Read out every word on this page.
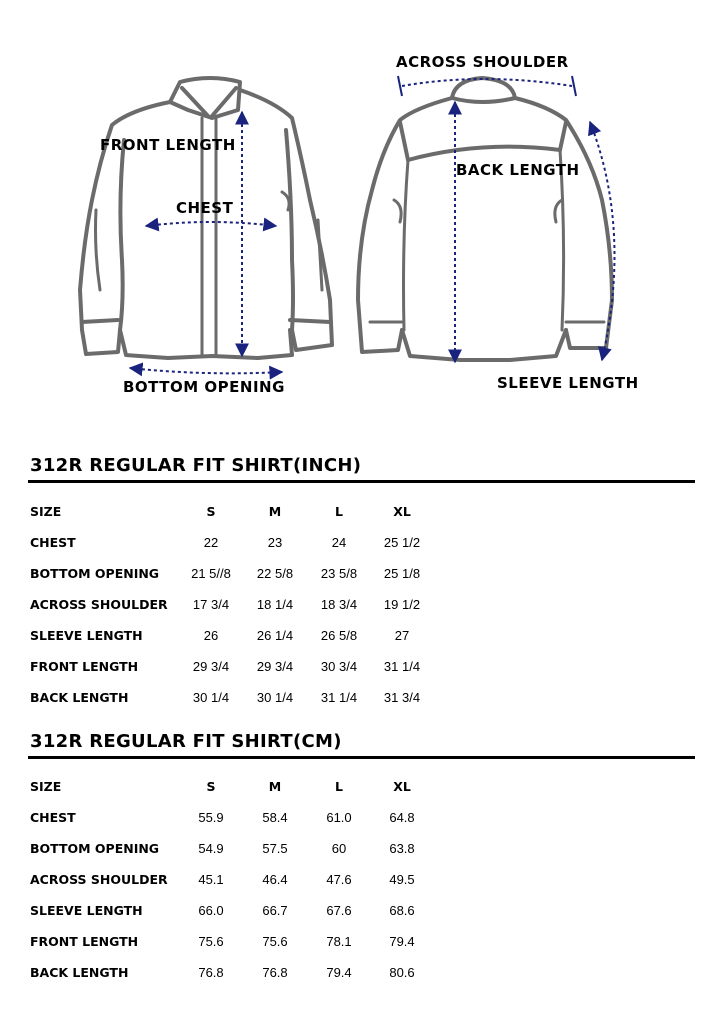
FRONT LENGTH
CHEST
BOTTOM OPENING
ACROSS SHOULDER
BACK LENGTH
SLEEVE LENGTH
312R REGULAR FIT SHIRT(INCH)
SIZE	S	M	L	XL
CHEST	22	23	24	25 1/2
BOTTOM OPENING	21 5//8	22 5/8	23 5/8	25 1/8
ACROSS SHOULDER	17 3/4	18 1/4	18 3/4	19 1/2
SLEEVE LENGTH	26	26 1/4	26 5/8	27
FRONT LENGTH	29 3/4	29 3/4	30 3/4	31 1/4
BACK LENGTH	30 1/4	30 1/4	31 1/4	31 3/4
312R REGULAR FIT SHIRT(CM)
SIZE	S	M	L	XL
CHEST	55.9	58.4	61.0	64.8
BOTTOM OPENING	54.9	57.5	60	63.8
ACROSS SHOULDER	45.1	46.4	47.6	49.5
SLEEVE LENGTH	66.0	66.7	67.6	68.6
FRONT LENGTH	75.6	75.6	78.1	79.4
BACK LENGTH	76.8	76.8	79.4	80.6
